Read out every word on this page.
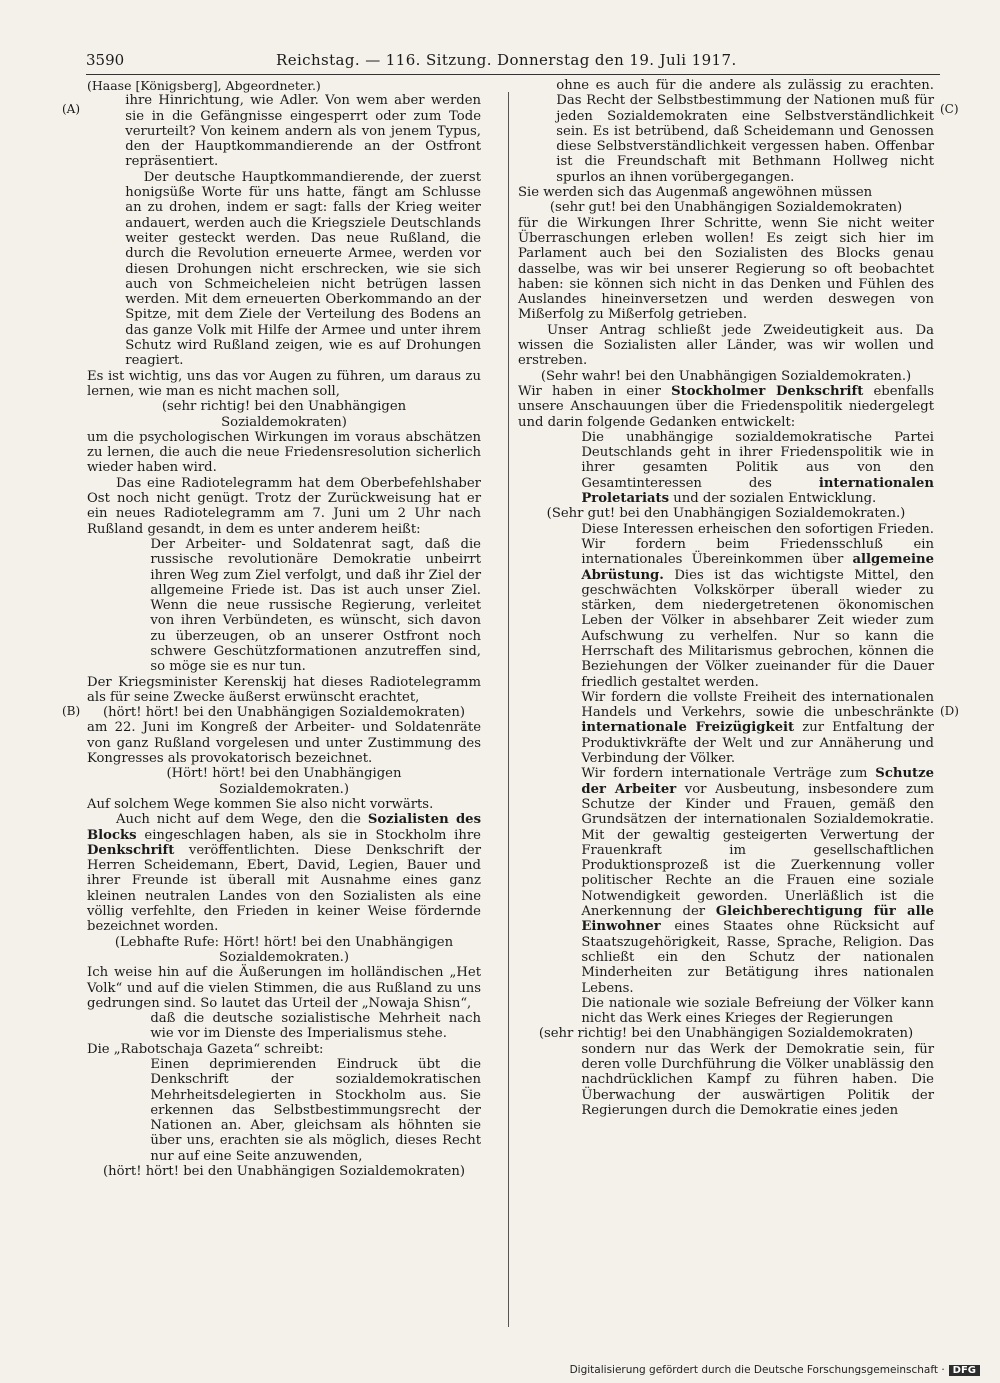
3590	Reichstag. — 116. Sitzung. Donnerstag den 19. Juli 1917.
(A)
(B)
(C)
(D)

(Haase [Königsberg], Abgeordneter.)

ihre Hinrichtung, wie Adler. Von wem aber werden sie in die Gefängnisse eingesperrt oder zum Tode verurteilt? Von keinem andern als von jenem Typus, den der Hauptkommandierende an der Ostfront repräsentiert.

Der deutsche Hauptkommandierende, der zuerst honigsüße Worte für uns hatte, fängt am Schlusse an zu drohen, indem er sagt: falls der Krieg weiter andauert, werden auch die Kriegsziele Deutschlands weiter gesteckt werden. Das neue Rußland, die durch die Revolution erneuerte Armee, werden vor diesen Drohungen nicht erschrecken, wie sie sich auch von Schmeicheleien nicht betrügen lassen werden. Mit dem erneuerten Oberkommando an der Spitze, mit dem Ziele der Verteilung des Bodens an das ganze Volk mit Hilfe der Armee und unter ihrem Schutz wird Rußland zeigen, wie es auf Drohungen reagiert.

Es ist wichtig, uns das vor Augen zu führen, um daraus zu lernen, wie man es nicht machen soll,

(sehr richtig! bei den Unabhängigen Sozialdemokraten)

um die psychologischen Wirkungen im voraus abschätzen zu lernen, die auch die neue Friedensresolution sicherlich wieder haben wird.

Das eine Radiotelegramm hat dem Oberbefehlshaber Ost noch nicht genügt. Trotz der Zurückweisung hat er ein neues Radiotelegramm am 7. Juni um 2 Uhr nach Rußland gesandt, in dem es unter anderem heißt:

Der Arbeiter- und Soldatenrat sagt, daß die russische revolutionäre Demokratie unbeirrt ihren Weg zum Ziel verfolgt, und daß ihr Ziel der allgemeine Friede ist. Das ist auch unser Ziel. Wenn die neue russische Regierung, verleitet von ihren Verbündeten, es wünscht, sich davon zu überzeugen, ob an unserer Ostfront noch schwere Geschützformationen anzutreffen sind, so möge sie es nur tun.

Der Kriegsminister Kerenskij hat dieses Radiotelegramm als für seine Zwecke äußerst erwünscht erachtet,

(hört! hört! bei den Unabhängigen Sozialdemokraten)

am 22. Juni im Kongreß der Arbeiter- und Soldatenräte von ganz Rußland vorgelesen und unter Zustimmung des Kongresses als provokatorisch bezeichnet.

(Hört! hört! bei den Unabhängigen Sozialdemokraten.)

Auf solchem Wege kommen Sie also nicht vorwärts.

Auch nicht auf dem Wege, den die Sozialisten des Blocks eingeschlagen haben, als sie in Stockholm ihre Denkschrift veröffentlichten. Diese Denkschrift der Herren Scheidemann, Ebert, David, Legien, Bauer und ihrer Freunde ist überall mit Ausnahme eines ganz kleinen neutralen Landes von den Sozialisten als eine völlig verfehlte, den Frieden in keiner Weise fördernde bezeichnet worden.

(Lebhafte Rufe: Hört! hört! bei den Unabhängigen Sozialdemokraten.)

Ich weise hin auf die Äußerungen im holländischen „Het Volk“ und auf die vielen Stimmen, die aus Rußland zu uns gedrungen sind. So lautet das Urteil der „Nowaja Shisn“,

daß die deutsche sozialistische Mehrheit nach wie vor im Dienste des Imperialismus stehe.

Die „Rabotschaja Gazeta“ schreibt:

Einen deprimierenden Eindruck übt die Denkschrift der sozialdemokratischen Mehrheitsdelegierten in Stockholm aus. Sie erkennen das Selbstbestimmungsrecht der Nationen an. Aber, gleichsam als höhnten sie über uns, erachten sie als möglich, dieses Recht nur auf eine Seite anzuwenden,

(hört! hört! bei den Unabhängigen Sozialdemokraten)

ohne es auch für die andere als zulässig zu erachten. Das Recht der Selbstbestimmung der Nationen muß für jeden Sozialdemokraten eine Selbstverständlichkeit sein. Es ist betrübend, daß Scheidemann und Genossen diese Selbstverständlichkeit vergessen haben. Offenbar ist die Freundschaft mit Bethmann Hollweg nicht spurlos an ihnen vorübergegangen.

Sie werden sich das Augenmaß angewöhnen müssen

(sehr gut! bei den Unabhängigen Sozialdemokraten)

für die Wirkungen Ihrer Schritte, wenn Sie nicht weiter Überraschungen erleben wollen! Es zeigt sich hier im Parlament auch bei den Sozialisten des Blocks genau dasselbe, was wir bei unserer Regierung so oft beobachtet haben: sie können sich nicht in das Denken und Fühlen des Auslandes hineinversetzen und werden deswegen von Mißerfolg zu Mißerfolg getrieben.

Unser Antrag schließt jede Zweideutigkeit aus. Da wissen die Sozialisten aller Länder, was wir wollen und erstreben.

(Sehr wahr! bei den Unabhängigen Sozialdemokraten.)

Wir haben in einer Stockholmer Denkschrift ebenfalls unsere Anschauungen über die Friedenspolitik niedergelegt und darin folgende Gedanken entwickelt:

Die unabhängige sozialdemokratische Partei Deutschlands geht in ihrer Friedenspolitik wie in ihrer gesamten Politik aus von den Gesamtinteressen des internationalen Proletariats und der sozialen Entwicklung.

(Sehr gut! bei den Unabhängigen Sozialdemokraten.)

Diese Interessen erheischen den sofortigen Frieden. Wir fordern beim Friedensschluß ein internationales Übereinkommen über allgemeine Abrüstung. Dies ist das wichtigste Mittel, den geschwächten Volkskörper überall wieder zu stärken, dem niedergetretenen ökonomischen Leben der Völker in absehbarer Zeit wieder zum Aufschwung zu verhelfen. Nur so kann die Herrschaft des Militarismus gebrochen, können die Beziehungen der Völker zueinander für die Dauer friedlich gestaltet werden.

Wir fordern die vollste Freiheit des internationalen Handels und Verkehrs, sowie die unbeschränkte internationale Freizügigkeit zur Entfaltung der Produktivkräfte der Welt und zur Annäherung und Verbindung der Völker.

Wir fordern internationale Verträge zum Schutze der Arbeiter vor Ausbeutung, insbesondere zum Schutze der Kinder und Frauen, gemäß den Grundsätzen der internationalen Sozialdemokratie. Mit der gewaltig gesteigerten Verwertung der Frauenkraft im gesellschaftlichen Produktionsprozeß ist die Zuerkennung voller politischer Rechte an die Frauen eine soziale Notwendigkeit geworden. Unerläßlich ist die Anerkennung der Gleichberechtigung für alle Einwohner eines Staates ohne Rücksicht auf Staatszugehörigkeit, Rasse, Sprache, Religion. Das schließt ein den Schutz der nationalen Minderheiten zur Betätigung ihres nationalen Lebens.

Die nationale wie soziale Befreiung der Völker kann nicht das Werk eines Krieges der Regierungen

(sehr richtig! bei den Unabhängigen Sozialdemokraten)

sondern nur das Werk der Demokratie sein, für deren volle Durchführung die Völker unablässig den nachdrücklichen Kampf zu führen haben. Die Überwachung der auswärtigen Politik der Regierungen durch die Demokratie eines jeden

Digitalisierung gefördert durch die Deutsche Forschungsgemeinschaft · DFG
